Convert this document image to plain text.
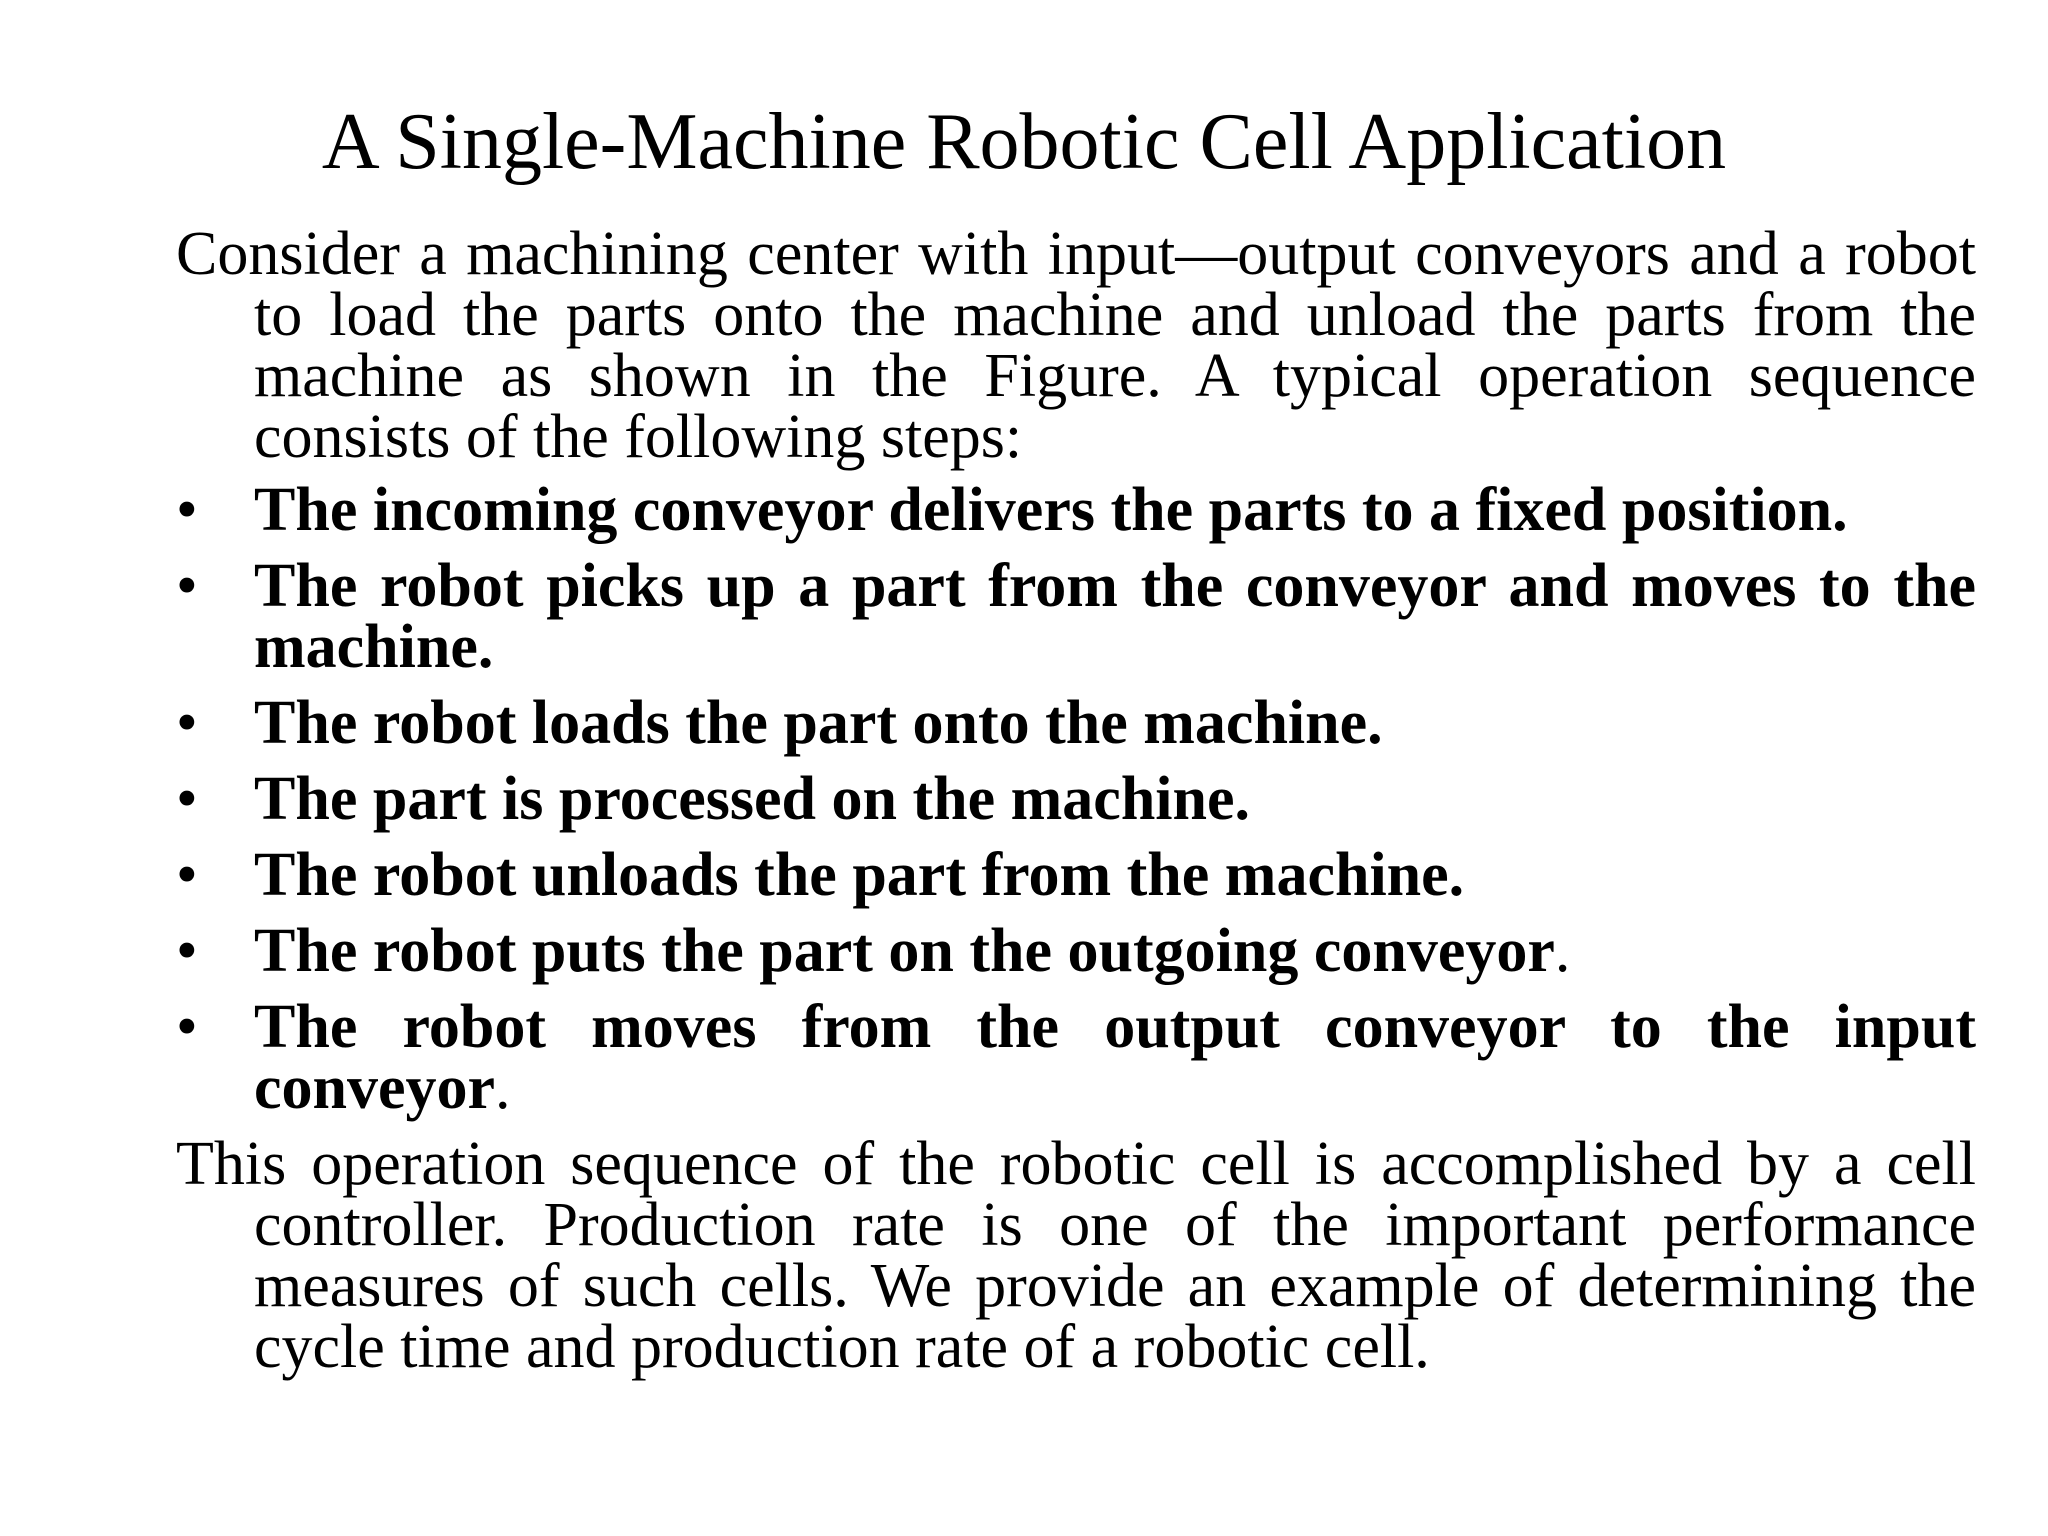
A Single-Machine Robotic Cell Application

Consider a machining center with input—output conveyors and a robot to load the parts onto the machine and unload the parts from the machine as shown in the Figure. A typical operation sequence consists of the following steps:

• The incoming conveyor delivers the parts to a fixed position.
• The robot picks up a part from the conveyor and moves to the machine.
• The robot loads the part onto the machine.
• The part is processed on the machine.
• The robot unloads the part from the machine.
• The robot puts the part on the outgoing conveyor.
• The robot moves from the output conveyor to the input conveyor.

This operation sequence of the robotic cell is accomplished by a cell controller. Production rate is one of the important performance measures of such cells. We provide an example of determining the cycle time and production rate of a robotic cell.
